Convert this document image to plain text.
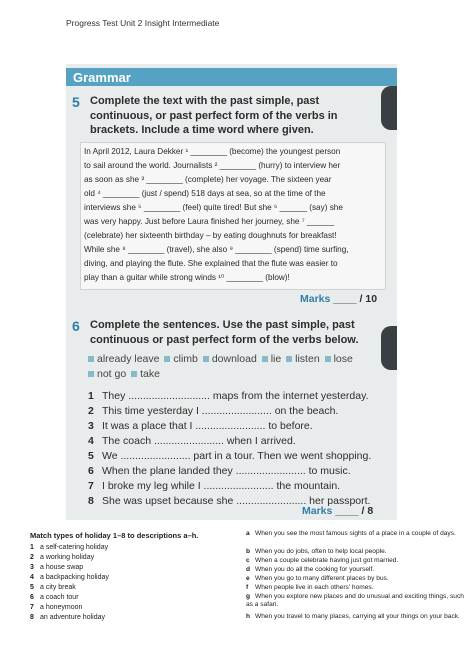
Progress Test Unit 2 Insight Intermediate
Grammar
5 Complete the text with the past simple, past
continuous, or past perfect form of the verbs in
brackets. Include a time word where given.
In April 2012, Laura Dekker ¹ ________ (become) the youngest person
to sail around the world. Journalists ² ________ (hurry) to interview her
as soon as she ³ ________ (complete) her voyage. The sixteen year
old ⁴ ________ (just / spend) 518 days at sea, so at the time of the
interviews she ⁵ ________ (feel) quite tired! But she ⁶ ______ (say) she
was very happy. Just before Laura finished her journey, she ⁷ ______
(celebrate) her sixteenth birthday – by eating doughnuts for breakfast!
While she ⁸ ________ (travel), she also ⁹ ________ (spend) time surfing,
diving, and playing the flute. She explained that the flute was easier to
play than a guitar while strong winds ¹⁰ ________ (blow)!
Marks ____ / 10
6 Complete the sentences. Use the past simple, past
continuous or past perfect form of the verbs below.
already leave climb download lie listen lose
not go take
1 They ............................ maps from the internet yesterday.
2 This time yesterday I ........................ on the beach.
3 It was a place that I ........................ to before.
4 The coach ........................ when I arrived.
5 We ........................ part in a tour. Then we went shopping.
6 When the plane landed they ........................ to music.
7 I broke my leg while I ........................ the mountain.
8 She was upset because she ........................ her passport.
Marks ____ / 8
Match types of holiday 1–8 to descriptions a–h.
1 a self-catering holiday
2 a working holiday
3 a house swap
4 a backpacking holiday
5 a city break
6 a coach tour
7 a honeymoon
8 an adventure holiday
a When you see the most famous sights of a place in a couple of days.
b When you do jobs, often to help local people.
c When a couple celebrate having just got married.
d When you do all the cooking for yourself.
e When you go to many different places by bus.
f When people live in each others' homes.
g When you explore new places and do unusual and exciting things, such as a safari.
h When you travel to many places, carrying all your things on your back.
